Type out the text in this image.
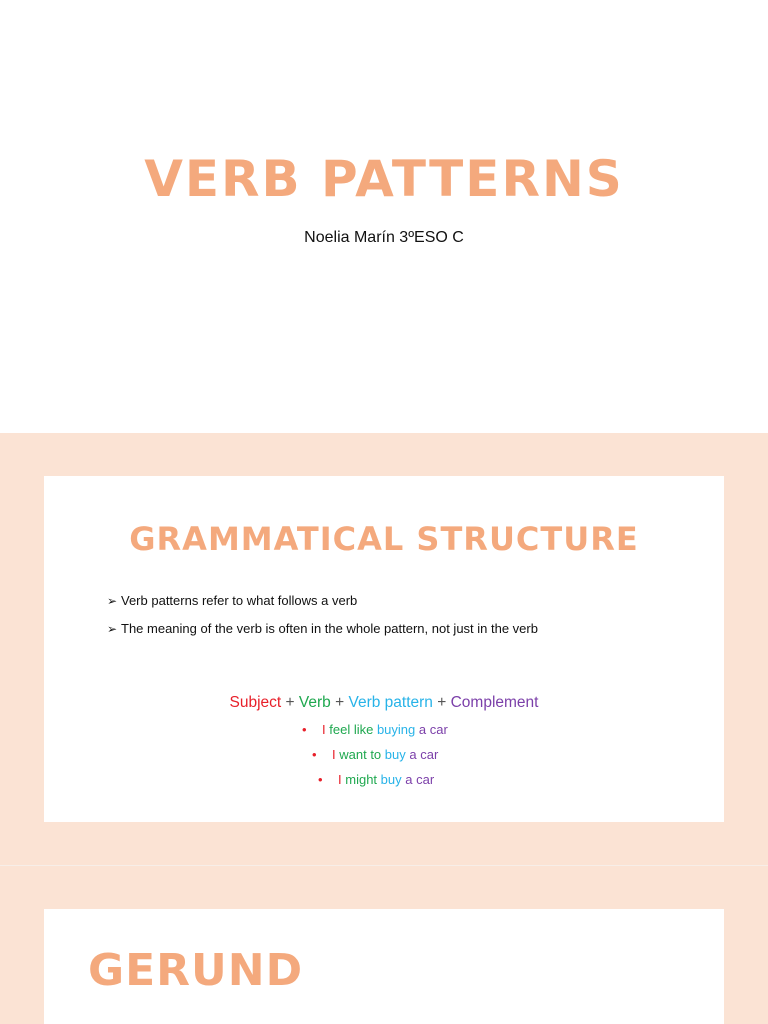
VERB PATTERNS
Noelia Marín 3ºESO C
GRAMMATICAL STRUCTURE
➢ Verb patterns refer to what follows a verb
➢ The meaning of the verb is often in the whole pattern, not just in the verb
Subject + Verb + Verb pattern + Complement
• I feel like buying a car
• I want to buy a car
• I might buy a car
GERUND
